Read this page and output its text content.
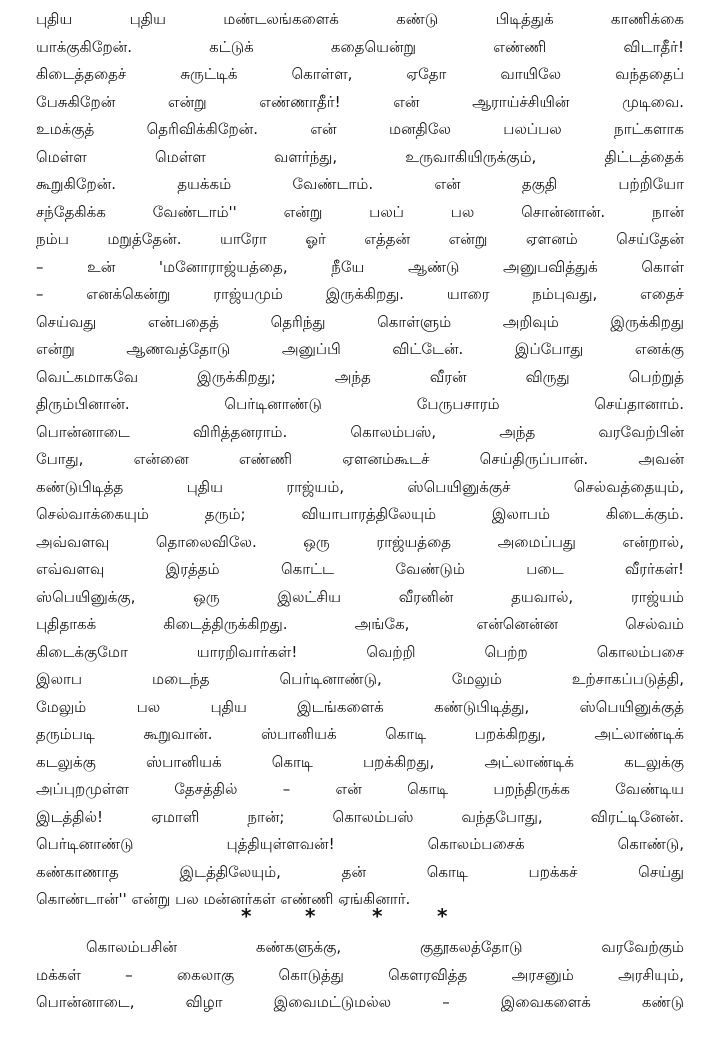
புதிய புதிய மண்டலங்களைக் கண்டு பிடித்துக் காணிக்கை
யாக்குகிறேன். கட்டுக் கதையென்று எண்ணி விடாதீர்!
கிடைத்ததைச் சுருட்டிக் கொள்ள, ஏதோ வாயிலே வந்ததைப்
பேசுகிறேன் என்று எண்ணாதீர்! என் ஆராய்ச்சியின் முடிவை.
உமக்குத் தெரிவிக்கிறேன். என் மனதிலே பலப்பல நாட்களாக
மெள்ள மெள்ள வளர்ந்து, உருவாகியிருக்கும், திட்டத்தைக்
கூறுகிறேன். தயக்கம் வேண்டாம். என் தகுதி பற்றியோ
சந்தேகிக்க வேண்டாம்'' என்று பலப் பல சொன்னான். நான்
நம்ப மறுத்தேன். யாரோ ஓர் எத்தன் என்று ஏளனம் செய்தேன்
– உன் 'மனோராஜ்யத்தை, நீயே ஆண்டு அனுபவித்துக் கொள்
– எனக்கென்று ராஜ்யமும் இருக்கிறது. யாரை நம்புவது, எதைச்
செய்வது என்பதைத் தெரிந்து கொள்ளும் அறிவும் இருக்கிறது
என்று ஆணவத்தோடு அனுப்பி விட்டேன். இப்போது எனக்கு
வெட்கமாகவே இருக்கிறது; அந்த வீரன் விருது பெற்றுத்
திரும்பினான். பெர்டினாண்டு பேருபசாரம் செய்தானாம்.
பொன்னாடை விரித்தனராம். கொலம்பஸ், அந்த வரவேற்பின்
போது, என்னை எண்ணி ஏளனம்கூடச் செய்திருப்பான். அவன்
கண்டுபிடித்த புதிய ராஜ்யம், ஸ்பெயினுக்குச் செல்வத்தையும்,
செல்வாக்கையும் தரும்; வியாபாரத்திலேயும் இலாபம் கிடைக்கும்.
அவ்வளவு தொலைவிலே. ஒரு ராஜ்யத்தை அமைப்பது என்றால்,
எவ்வளவு இரத்தம் கொட்ட வேண்டும் படை வீரர்கள்!
ஸ்பெயினுக்கு, ஒரு இலட்சிய வீரனின் தயவால், ராஜ்யம்
புதிதாகக் கிடைத்திருக்கிறது. அங்கே, என்னென்ன செல்வம்
கிடைக்குமோ யாரறிவார்கள்! வெற்றி பெற்ற கொலம்பசை
இலாப மடைந்த பெர்டினாண்டு, மேலும் உற்சாகப்படுத்தி,
மேலும் பல புதிய இடங்களைக் கண்டுபிடித்து, ஸ்பெயினுக்குத்
தரும்படி கூறுவான். ஸ்பானியக் கொடி பறக்கிறது, அட்லாண்டிக்
கடலுக்கு ஸ்பானியக் கொடி பறக்கிறது, அட்லாண்டிக் கடலுக்கு
அப்புறமுள்ள தேசத்தில் – என் கொடி பறந்திருக்க வேண்டிய
இடத்தில்! ஏமாளி நான்; கொலம்பஸ் வந்தபோது, விரட்டினேன்.
பெர்டினாண்டு புத்தியுள்ளவன்! கொலம்பசைக் கொண்டு,
கண்காணாத இடத்திலேயும், தன் கொடி பறக்கச் செய்து
கொண்டான்'' என்று பல மன்னர்கள் எண்ணி ஏங்கினார்.
*	*	*	*
கொலம்பசின் கண்களுக்கு, குதூகலத்தோடு வரவேற்கும்
மக்கள் – கைலாகு கொடுத்து கௌரவித்த அரசனும் அரசியும்,
பொன்னாடை, விழா இவைமட்டுமல்ல – இவைகளைக் கண்டு
